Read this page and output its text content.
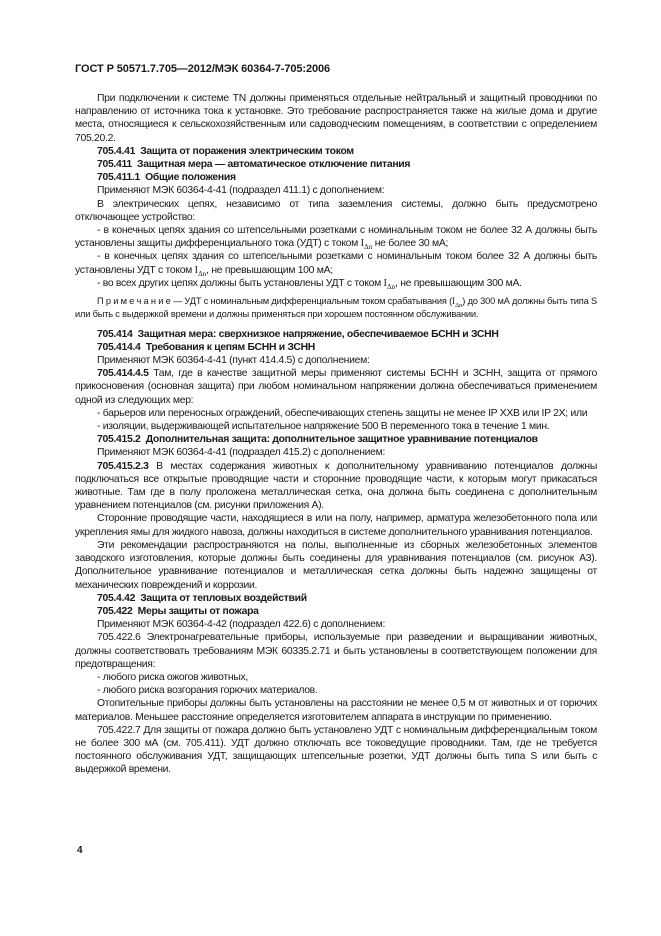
ГОСТ Р 50571.7.705—2012/МЭК 60364-7-705:2006
При подключении к системе TN должны применяться отдельные нейтральный и защитный проводники по направлению от источника тока к установке. Это требование распространяется также на жилые дома и другие места, относящиеся к сельскохозяйственным или садоводческим помещениям, в соответствии с определением 705.20.2.
705.4.41  Защита от поражения электрическим током
705.411  Защитная мера — автоматическое отключение питания
705.411.1  Общие положения
Применяют МЭК 60364-4-41 (подраздел 411.1) с дополнением:
В электрических цепях, независимо от типа заземления системы, должно быть предусмотрено отключающее устройство:
- в конечных цепях здания со штепсельными розетками с номинальным током не более 32 А должны быть установлены защиты дифференциального тока (УДТ) с током $I_{\Delta n}$ не более 30 мА;
- в конечных цепях здания со штепсельными розетками с номинальным током более 32 А должны быть установлены УДТ с током $I_{\Delta n}$, не превышающим 100 мА;
- во всех других цепях должны быть установлены УДТ с током $I_{\Delta n}$, не превышающим 300 мА.
П р и м е ч а н и е — УДТ с номинальным дифференциальным током срабатывания $(I_{\Delta n})$ до 300 мА должны быть типа S или быть с выдержкой времени и должны применяться при хорошем постоянном обслуживании.
705.414  Защитная мера: сверхнизкое напряжение, обеспечиваемое БСНН и ЗСНН
705.414.4  Требования к цепям БСНН и ЗСНН
Применяют МЭК 60364-4-41 (пункт 414.4.5) с дополнением:
705.414.4.5 Там, где в качестве защитной меры применяют системы БСНН и ЗСНН, защита от прямого прикосновения (основная защита) при любом номинальном напряжении должна обеспечиваться применением одной из следующих мер:
- барьеров или переносных ограждений, обеспечивающих степень защиты не менее IP XXB или IP 2X; или
- изоляции, выдерживающей испытательное напряжение 500 В переменного тока в течение 1 мин.
705.415.2  Дополнительная защита: дополнительное защитное уравнивание потенциалов
Применяют МЭК 60364-4-41 (подраздел 415.2) с дополнением:
705.415.2.3 В местах содержания животных к дополнительному уравниванию потенциалов должны подключаться все открытые проводящие части и сторонние проводящие части, к которым могут прикасаться животные. Там где в полу проложена металлическая сетка, она должна быть соединена с дополнительным уравнением потенциалов (см. рисунки приложения А).
Сторонние проводящие части, находящиеся в или на полу, например, арматура железобетонного пола или укрепления ямы для жидкого навоза, должны находиться в системе дополнительного уравнивания потенциалов.
Эти рекомендации распространяются на полы, выполненные из сборных железобетонных элементов заводского изготовления, которые должны быть соединены для уравнивания потенциалов (см. рисунок А3). Дополнительное уравнивание потенциалов и металлическая сетка должны быть надежно защищены от механических повреждений и коррозии.
705.4.42  Защита от тепловых воздействий
705.422  Меры защиты от пожара
Применяют МЭК 60364-4-42 (подраздел 422.6) с дополнением:
705.422.6 Электронагревательные приборы, используемые при разведении и выращивании животных, должны соответствовать требованиям МЭК 60335.2.71 и быть установлены в соответствующем положении для предотвращения:
- любого риска ожогов животных,
- любого риска возгорания горючих материалов.
Отопительные приборы должны быть установлены на расстоянии не менее 0,5 м от животных и от горючих материалов. Меньшее расстояние определяется изготовителем аппарата в инструкции по применению.
705.422.7 Для защиты от пожара должно быть установлено УДТ с номинальным дифференциальным током не более 300 мА (см. 705.411). УДТ должно отключать все токоведущие проводники. Там, где не требуется постоянного обслуживания УДТ, защищающих штепсельные розетки, УДТ должны быть типа S или быть с выдержкой времени.
4
